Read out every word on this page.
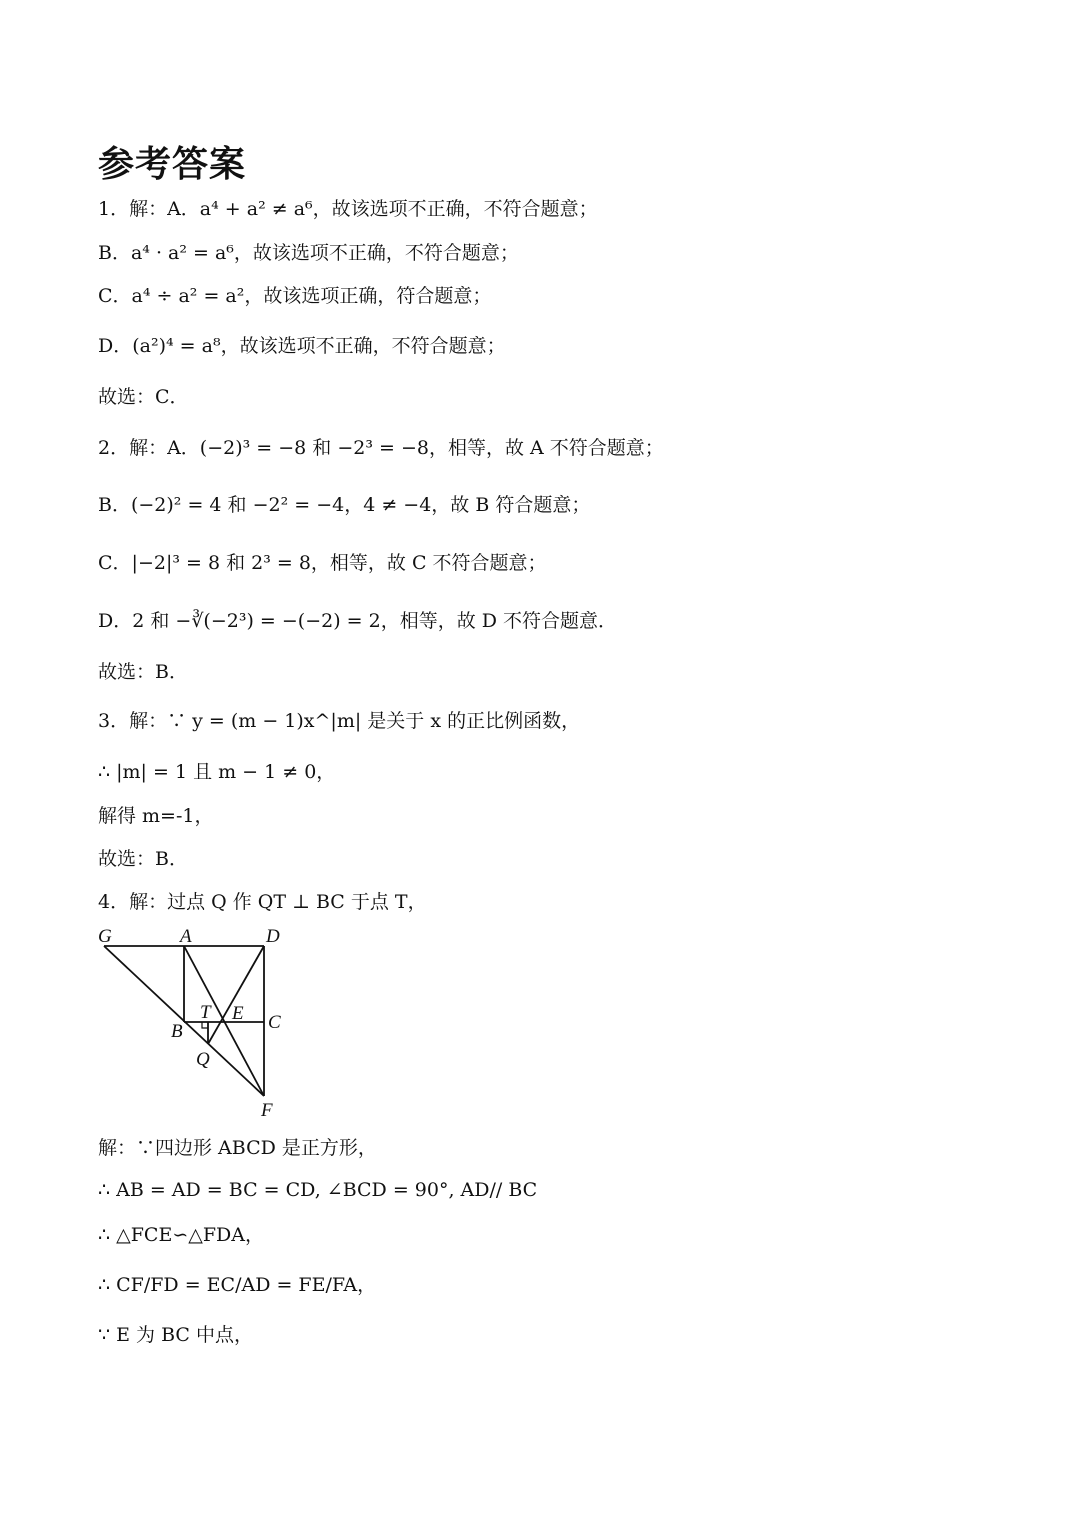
参考答案
1．解：A．a⁴ + a² ≠ a⁶，故该选项不正确，不符合题意；
B．a⁴ · a² = a⁶，故该选项不正确，不符合题意；
C．a⁴ ÷ a² = a²，故该选项正确，符合题意；
D．(a²)⁴ = a⁸，故该选项不正确，不符合题意；
故选：C．
2．解：A．(−2)³ = −8 和 −2³ = −8，相等，故 A 不符合题意；
B．(−2)² = 4 和 −2² = −4，4 ≠ −4，故 B 符合题意；
C．|−2|³ = 8 和 2³ = 8，相等，故 C 不符合题意；
D．2 和 −∛(−2³) = −(−2) = 2，相等，故 D 不符合题意．
故选：B．
3．解：∵ y = (m − 1)x^|m| 是关于 x 的正比例函数，
∴ |m| = 1 且 m − 1 ≠ 0，
解得 m=-1，
故选：B．
4．解：过点 Q 作 QT ⊥ BC 于点 T，
G	A	D
T E C
B
Q
F
解：∵四边形 ABCD 是正方形，
∴ AB = AD = BC = CD, ∠BCD = 90°, AD// BC
∴ △FCE∽△FDA，
∴ CF/FD = EC/AD = FE/FA，
∵ E 为 BC 中点，
